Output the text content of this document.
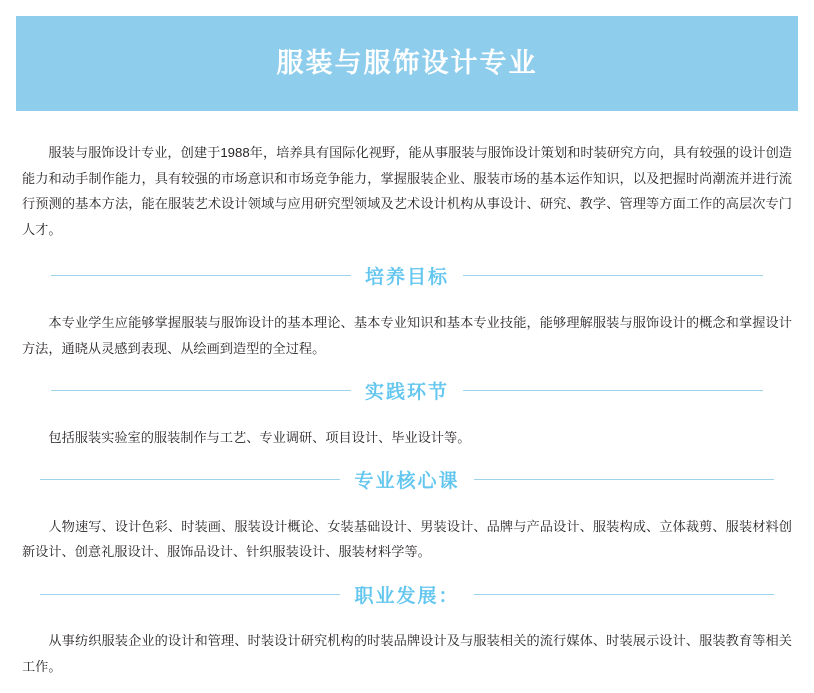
服装与服饰设计专业

服装与服饰设计专业，创建于1988年，培养具有国际化视野，能从事服装与服饰设计策划和时装研究方向，具有较强的设计创造能力和动手制作能力，具有较强的市场意识和市场竞争能力，掌握服装企业、服装市场的基本运作知识，以及把握时尚潮流并进行流行预测的基本方法，能在服装艺术设计领域与应用研究型领域及艺术设计机构从事设计、研究、教学、管理等方面工作的高层次专门人才。

培养目标

本专业学生应能够掌握服装与服饰设计的基本理论、基本专业知识和基本专业技能，能够理解服装与服饰设计的概念和掌握设计方法，通晓从灵感到表现、从绘画到造型的全过程。

实践环节

包括服装实验室的服装制作与工艺、专业调研、项目设计、毕业设计等。

专业核心课

人物速写、设计色彩、时装画、服装设计概论、女装基础设计、男装设计、品牌与产品设计、服装构成、立体裁剪、服装材料创新设计、创意礼服设计、服饰品设计、针织服装设计、服装材料学等。

职业发展：

从事纺织服装企业的设计和管理、时装设计研究机构的时装品牌设计及与服装相关的流行媒体、时装展示设计、服装教育等相关工作。
